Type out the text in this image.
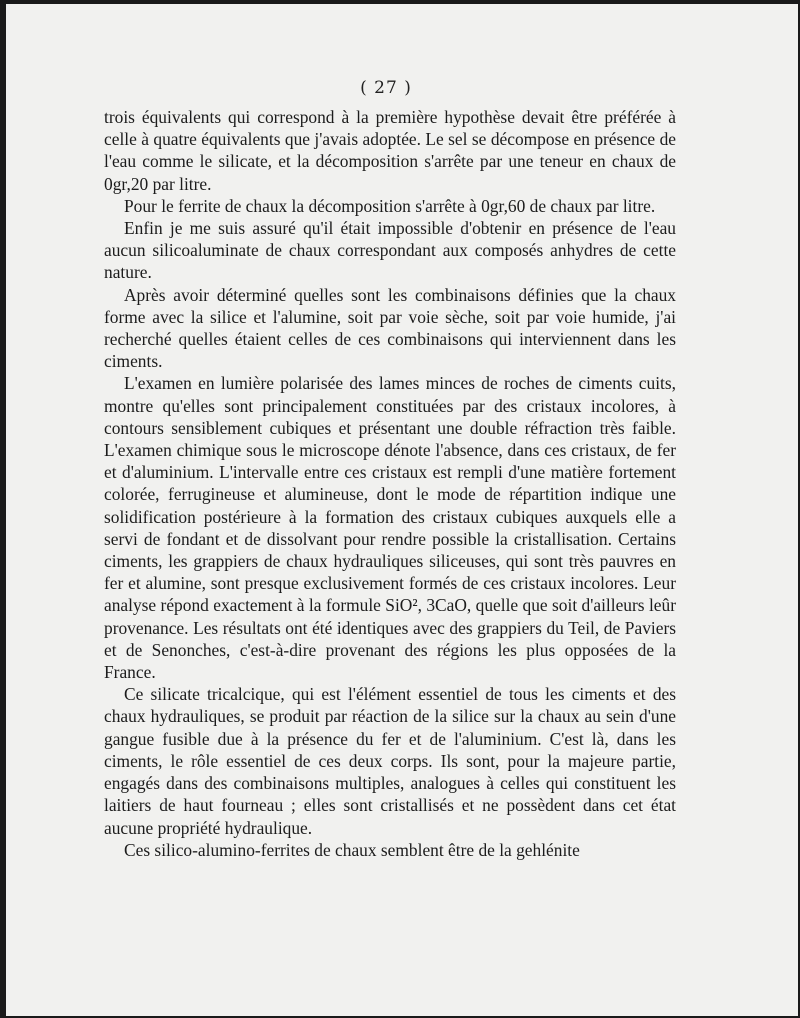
( 27 )

trois équivalents qui correspond à la première hypothèse devait être préférée à celle à quatre équivalents que j'avais adoptée. Le sel se décompose en présence de l'eau comme le silicate, et la décomposition s'arrête par une teneur en chaux de 0gr,20 par litre.

Pour le ferrite de chaux la décomposition s'arrête à 0gr,60 de chaux par litre.

Enfin je me suis assuré qu'il était impossible d'obtenir en présence de l'eau aucun silicoaluminate de chaux correspondant aux composés anhydres de cette nature.

Après avoir déterminé quelles sont les combinaisons définies que la chaux forme avec la silice et l'alumine, soit par voie sèche, soit par voie humide, j'ai recherché quelles étaient celles de ces combinaisons qui interviennent dans les ciments.

L'examen en lumière polarisée des lames minces de roches de ciments cuits, montre qu'elles sont principalement constituées par des cristaux incolores, à contours sensiblement cubiques et présentant une double réfraction très faible. L'examen chimique sous le microscope dénote l'absence, dans ces cristaux, de fer et d'aluminium. L'intervalle entre ces cristaux est rempli d'une matière fortement colorée, ferrugineuse et alumineuse, dont le mode de répartition indique une solidification postérieure à la formation des cristaux cubiques auxquels elle a servi de fondant et de dissolvant pour rendre possible la cristallisation. Certains ciments, les grappiers de chaux hydrauliques siliceuses, qui sont très pauvres en fer et alumine, sont presque exclusivement formés de ces cristaux incolores. Leur analyse répond exactement à la formule SiO², 3CaO, quelle que soit d'ailleurs leûr provenance. Les résultats ont été identiques avec des grappiers du Teil, de Paviers et de Senonches, c'est-à-dire provenant des régions les plus opposées de la France.

Ce silicate tricalcique, qui est l'élément essentiel de tous les ciments et des chaux hydrauliques, se produit par réaction de la silice sur la chaux au sein d'une gangue fusible due à la présence du fer et de l'aluminium. C'est là, dans les ciments, le rôle essentiel de ces deux corps. Ils sont, pour la majeure partie, engagés dans des combinaisons multiples, analogues à celles qui constituent les laitiers de haut fourneau ; elles sont cristallisés et ne possèdent dans cet état aucune propriété hydraulique.

Ces silico-alumino-ferrites de chaux semblent être de la gehlénite
